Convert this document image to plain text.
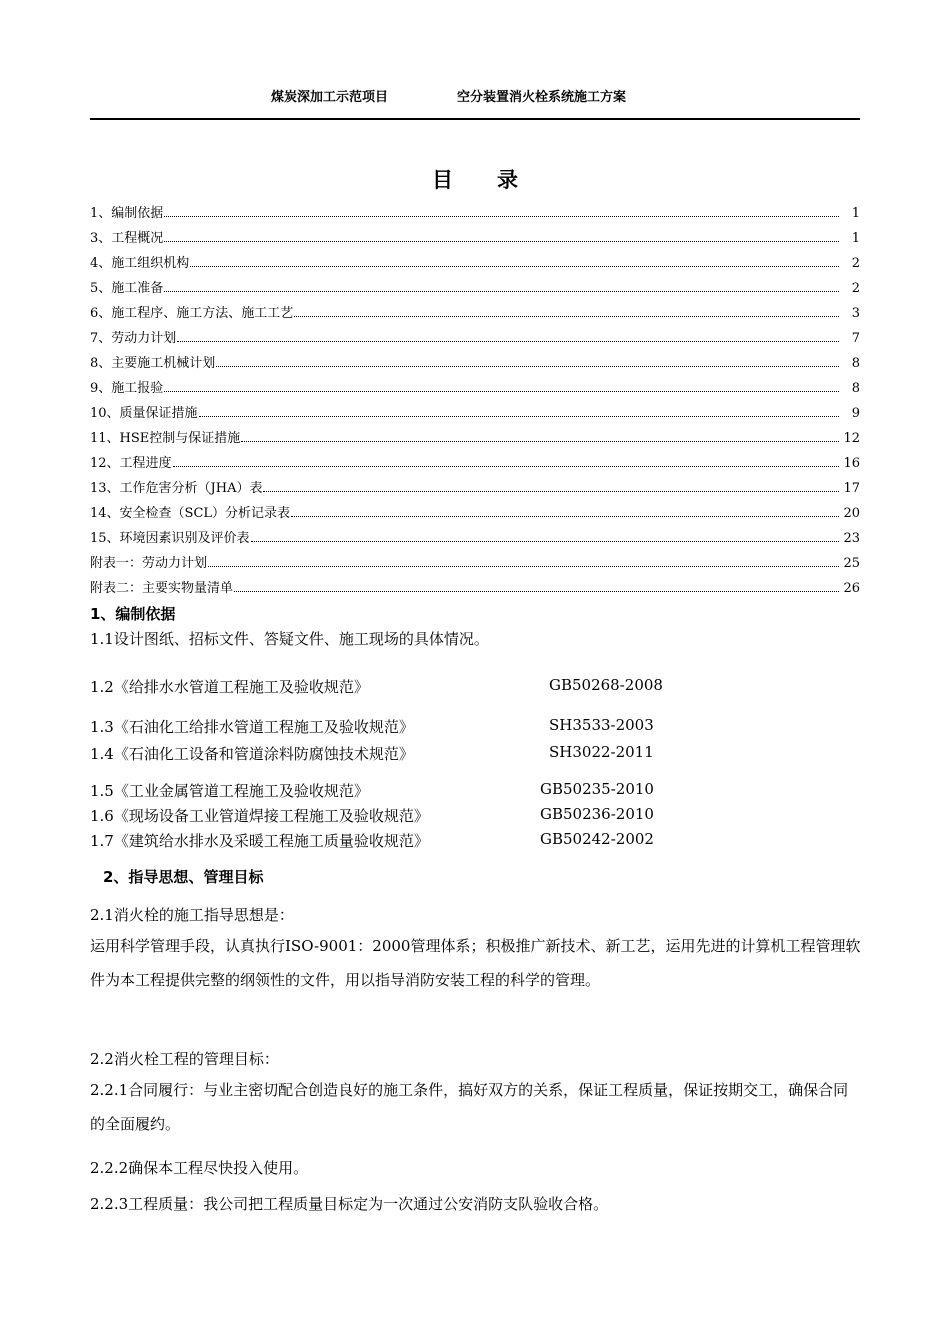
煤炭深加工示范项目	空分装置消火栓系统施工方案
目 录
1、编制依据	1
3、工程概况	1
4、施工组织机构	2
5、施工准备	2
6、施工程序、施工方法、施工工艺	3
7、劳动力计划	7
8、主要施工机械计划	8
9、施工报验	8
10、质量保证措施	9
11、HSE控制与保证措施	12
12、工程进度	16
13、工作危害分析（JHA）表	17
14、安全检查（SCL）分析记录表	20
15、环境因素识别及评价表	23
附表一：劳动力计划	25
附表二：主要实物量清单	26
1、编制依据
1.1设计图纸、招标文件、答疑文件、施工现场的具体情况。
1.2《给排水水管道工程施工及验收规范》	GB50268-2008
1.3《石油化工给排水管道工程施工及验收规范》	SH3533-2003
1.4《石油化工设备和管道涂料防腐蚀技术规范》	SH3022-2011
1.5《工业金属管道工程施工及验收规范》	GB50235-2010
1.6《现场设备工业管道焊接工程施工及验收规范》	GB50236-2010
1.7《建筑给水排水及采暖工程施工质量验收规范》	GB50242-2002
2、指导思想、管理目标
2.1消火栓的施工指导思想是：
运用科学管理手段，认真执行ISO-9001：2000管理体系；积极推广新技术、新工艺，运用先进的计算机工程管理软件为本工程提供完整的纲领性的文件，用以指导消防安装工程的科学的管理。
2.2消火栓工程的管理目标：
2.2.1合同履行：与业主密切配合创造良好的施工条件，搞好双方的关系，保证工程质量，保证按期交工，确保合同的全面履约。
2.2.2确保本工程尽快投入使用。
2.2.3工程质量：我公司把工程质量目标定为一次通过公安消防支队验收合格。
